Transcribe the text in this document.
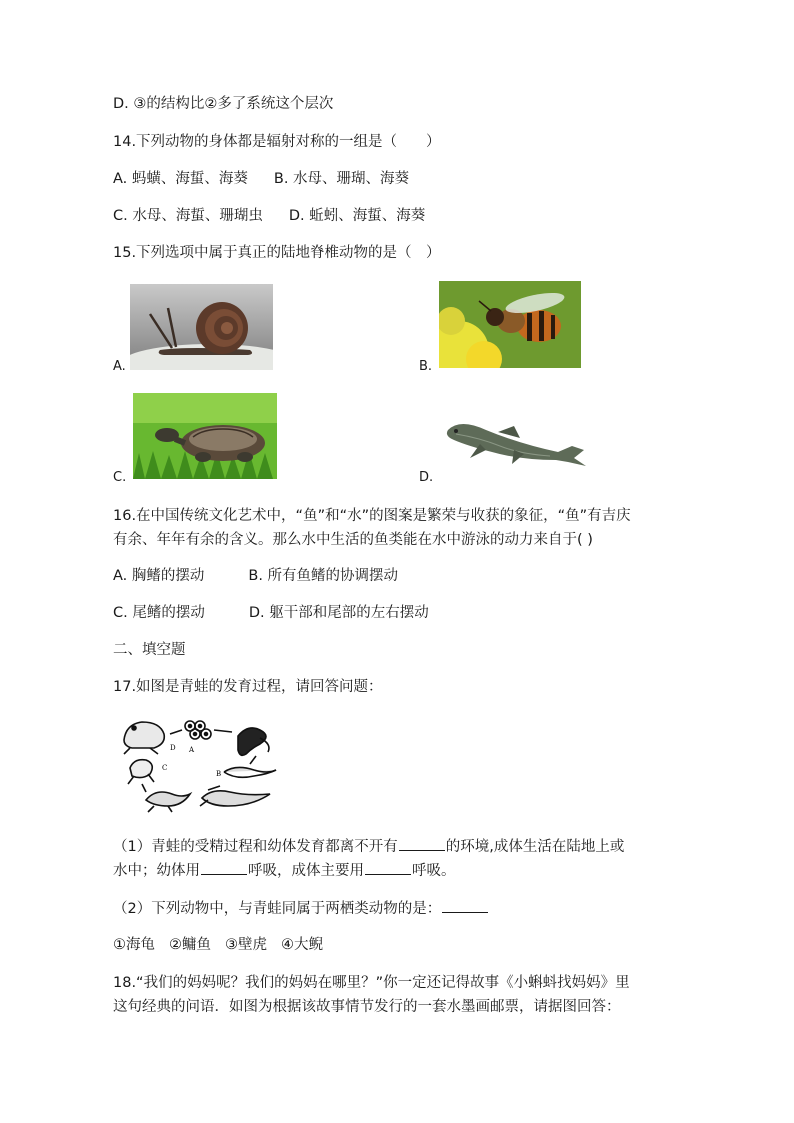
D. ③的结构比②多了系统这个层次
14.下列动物的身体都是辐射对称的一组是（　　）
A. 蚂蟥、海蜇、海葵 B. 水母、珊瑚、海葵
C. 水母、海蜇、珊瑚虫 D. 蚯蚓、海蜇、海葵
15.下列选项中属于真正的陆地脊椎动物的是（　）
A.	B.
C.	D.
16.在中国传统文化艺术中，“鱼”和“水”的图案是繁荣与收获的象征，“鱼”有吉庆
有余、年年有余的含义。那么水中生活的鱼类能在水中游泳的动力来自于( )
A. 胸鳍的摆动	B. 所有鱼鳍的协调摆动
C. 尾鳍的摆动	D. 躯干部和尾部的左右摆动
二、填空题
17.如图是青蛙的发育过程，请回答问题：
D A
B
C
（1）青蛙的受精过程和幼体发育都离不开有	的环境,成体生活在陆地上或
水中；幼体用	呼吸，成体主要用	呼吸。
（2）下列动物中，与青蛙同属于两栖类动物的是：
①海龟 ②鳙鱼 ③壁虎 ④大鲵
18.“我们的妈妈呢？我们的妈妈在哪里？”你一定还记得故事《小蝌蚪找妈妈》里
这句经典的问语．如图为根据该故事情节发行的一套水墨画邮票，请据图回答：
